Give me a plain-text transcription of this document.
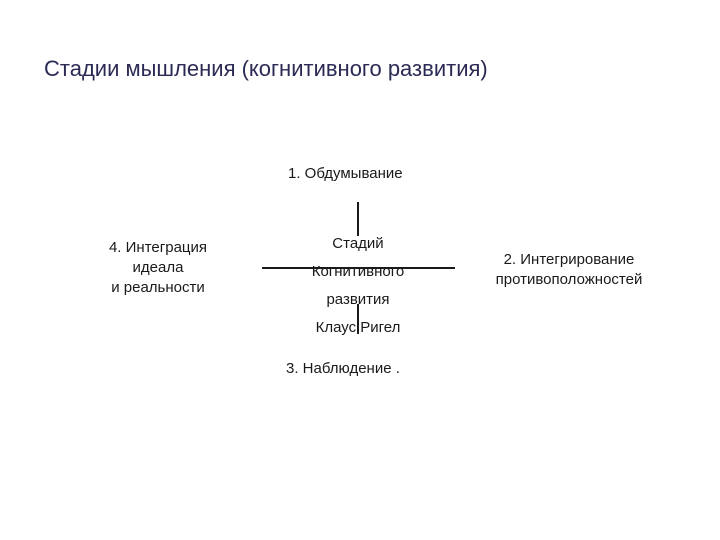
Стадии мышления (когнитивного развития)
1. Обдумывание
4. Интеграция
идеала
и реальности
Стадий
Когнитивного
развития
Клаус Ригел
2. Интегрирование
противоположностей
3. Наблюдение .
